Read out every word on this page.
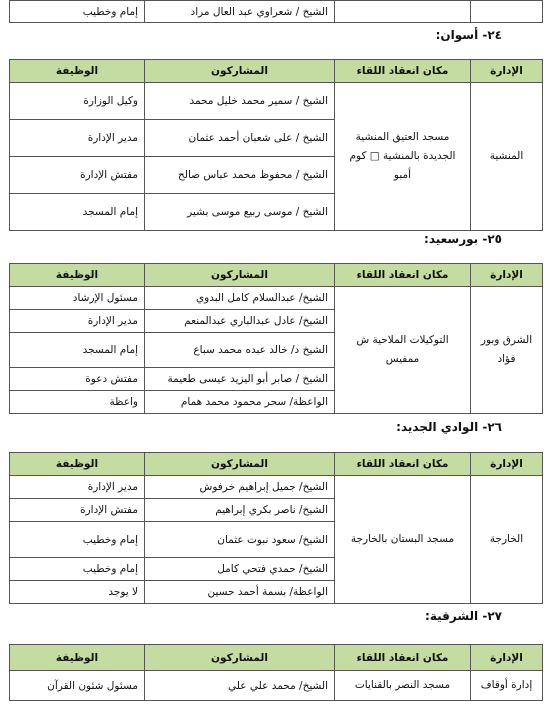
		الشيخ / شعراوي عبد العال مراد	إمام وخطيب
٢٤- أسوان:
الإدارة	مكان انعقاد اللقاء	المشاركون	الوظيفة
المنشية	مسجد العتيق المنشية الجديدة بالمنشية □ كوم أمبو	الشيخ / سمير محمد خليل محمد	وكيل الوزارة
		الشيخ / على شعبان أحمد عثمان	مدير الإدارة
		الشيخ / محفوظ محمد عباس صالح	مفتش الإدارة
		الشيخ / موسى ربيع موسى بشير	إمام المسجد
٢٥- بورسعيد:
الإدارة	مكان انعقاد اللقاء	المشاركون	الوظيفة
الشرق وبور فؤاد	التوكيلات الملاحية ش ممفيس	الشيخ/ عبدالسلام كامل البدوي	مسئول الإرشاد
		الشيخ/ عادل عبدالباري عبدالمنعم	مدير الإدارة
		الشيخ د/ خالد عبده محمد سباع	إمام المسجد
		الشيخ / صابر أبو اليزيد عيسى طعيمة	مفتش دعوة
		الواعظة/ سحر محمود محمد همام	واعظة
٢٦- الوادي الجديد:
الإدارة	مكان انعقاد اللقاء	المشاركون	الوظيفة
الخارجة	مسجد البستان بالخارجة	الشيخ/ جميل إبراهيم خرفوش	مدير الإدارة
		الشيخ/ ناصر بكري إبراهيم	مفتش الإدارة
		الشيخ/ سعود نبوت عثمان	إمام وخطيب
		الشيخ/ حمدي فتحي كامل	إمام وخطيب
		الواعظة/ بسمة أحمد حسين	لا يوجد
٢٧- الشرقية:
الإدارة	مكان انعقاد اللقاء	المشاركون	الوظيفة
إدارة أوقاف	مسجد النصر بالقنايات	الشيخ/ محمد علي علي	مسئول شئون القرآن
